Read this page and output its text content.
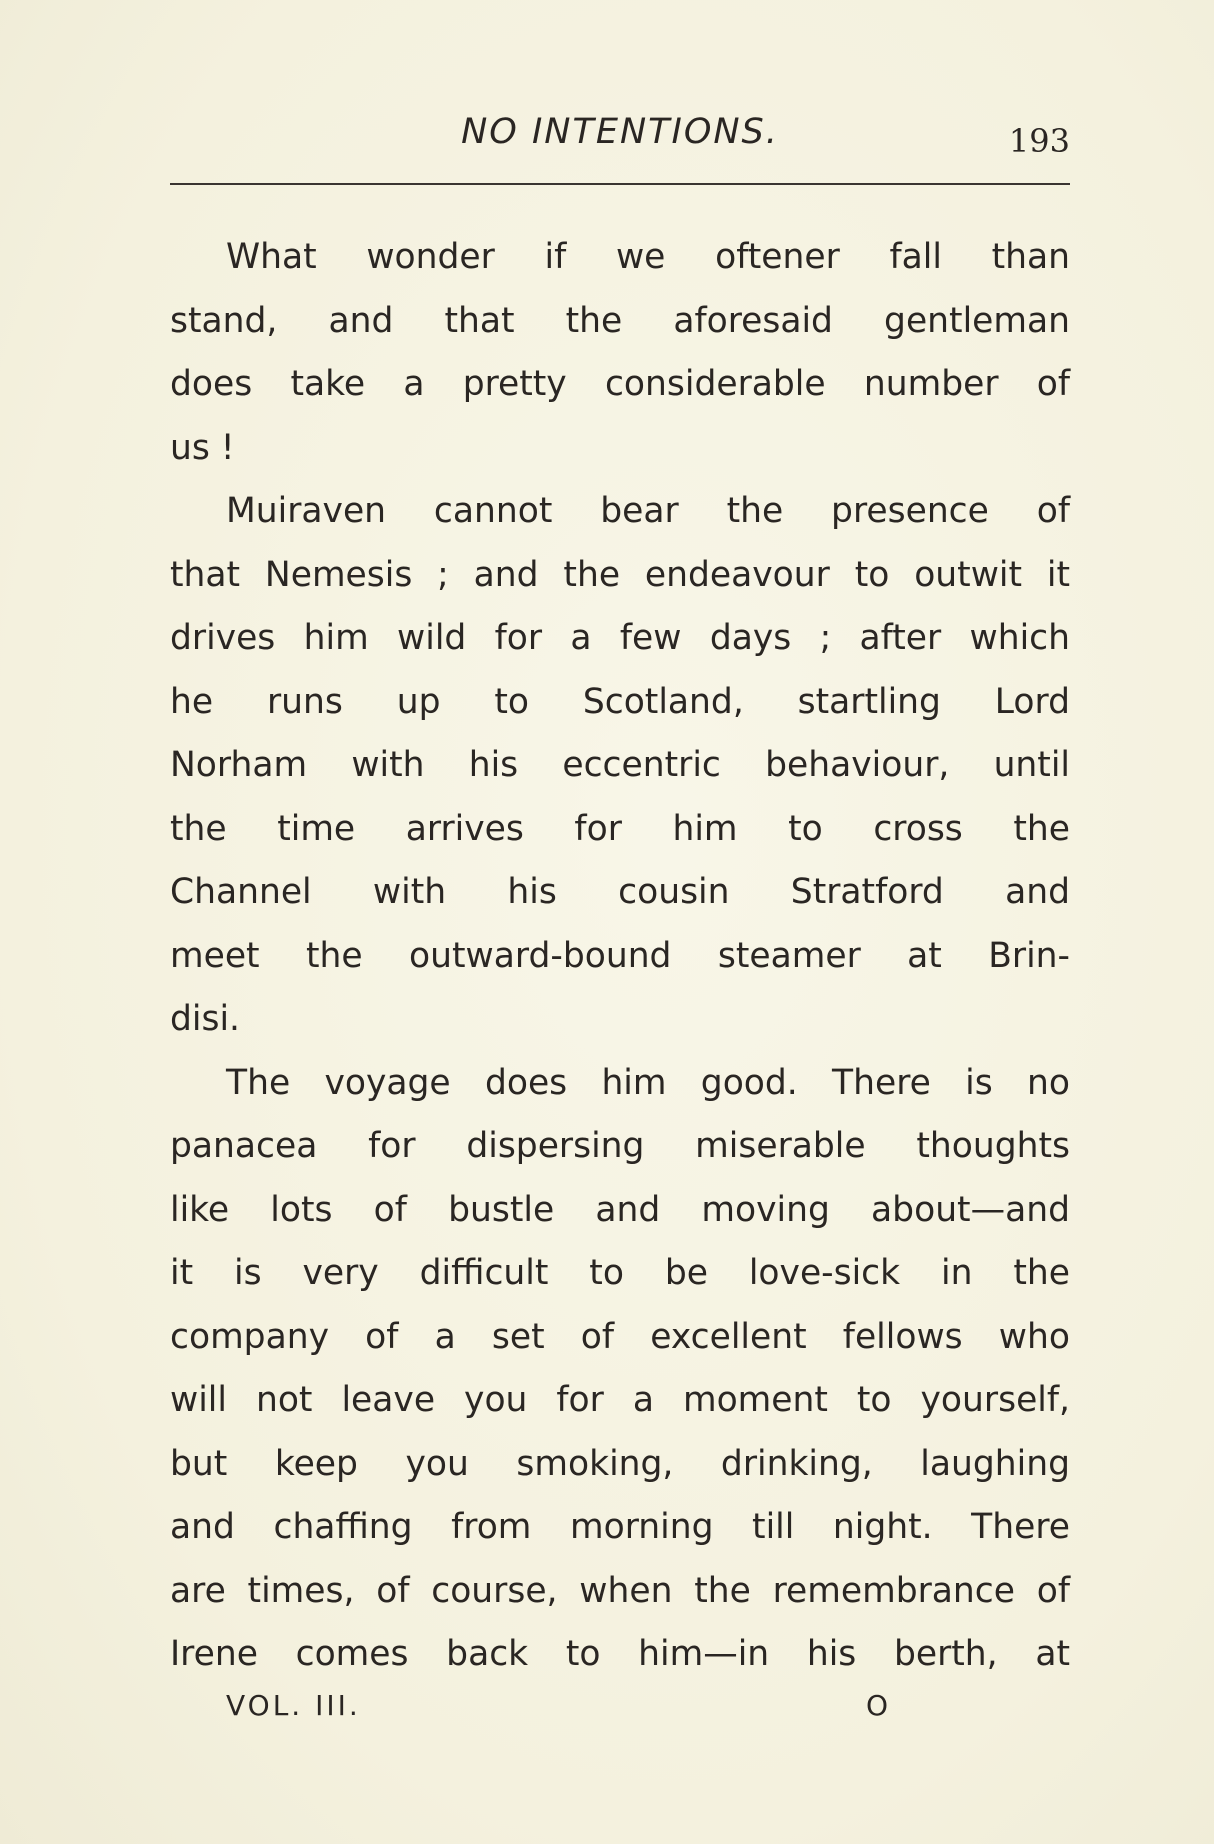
NO INTENTIONS.	193
What wonder if we oftener fall than
stand, and that the aforesaid gentleman
does take a pretty considerable number of
us !
Muiraven cannot bear the presence of
that Nemesis ; and the endeavour to outwit it
drives him wild for a few days ; after which
he runs up to Scotland, startling Lord
Norham with his eccentric behaviour, until
the time arrives for him to cross the
Channel with his cousin Stratford and
meet the outward-bound steamer at Brin-
disi.
The voyage does him good. There is no
panacea for dispersing miserable thoughts
like lots of bustle and moving about—and
it is very difficult to be love-sick in the
company of a set of excellent fellows who
will not leave you for a moment to yourself,
but keep you smoking, drinking, laughing
and chaffing from morning till night. There
are times, of course, when the remembrance of
Irene comes back to him—in his berth, at
VOL. III.	O
